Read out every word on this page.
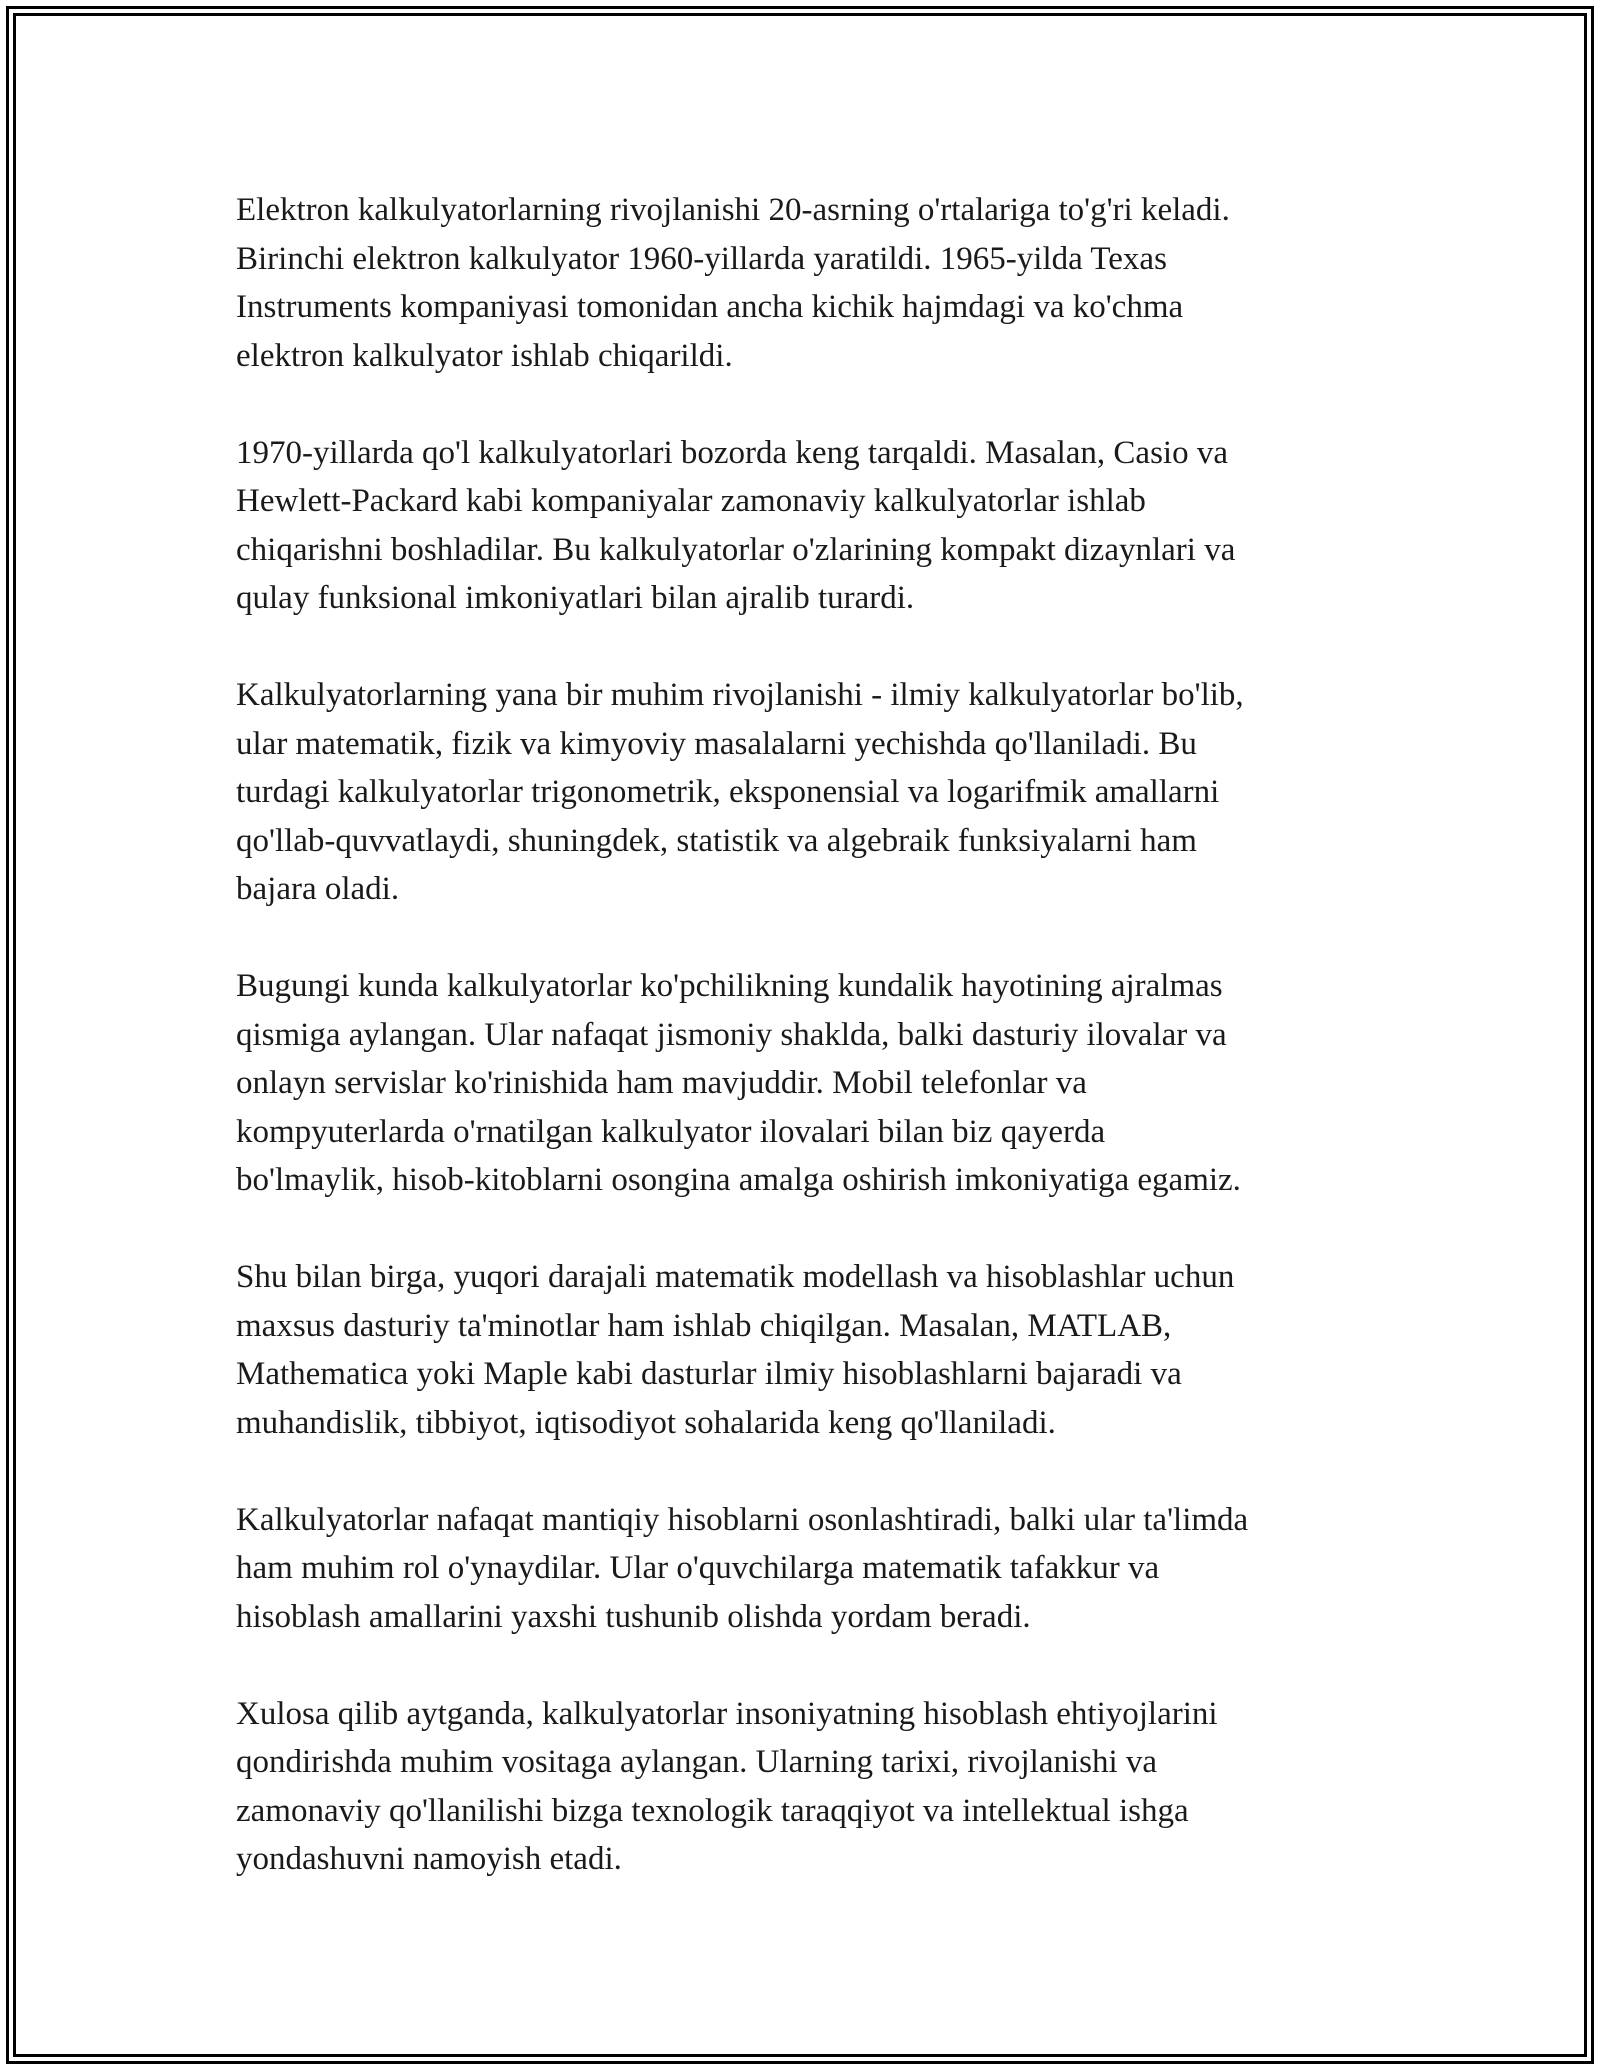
Elektron kalkulyatorlarning rivojlanishi 20-asrning o'rtalariga to'g'ri keladi.
Birinchi elektron kalkulyator 1960-yillarda yaratildi. 1965-yilda Texas
Instruments kompaniyasi tomonidan ancha kichik hajmdagi va ko'chma
elektron kalkulyator ishlab chiqarildi.

1970-yillarda qo'l kalkulyatorlari bozorda keng tarqaldi. Masalan, Casio va
Hewlett-Packard kabi kompaniyalar zamonaviy kalkulyatorlar ishlab
chiqarishni boshladilar. Bu kalkulyatorlar o'zlarining kompakt dizaynlari va
qulay funksional imkoniyatlari bilan ajralib turardi.

Kalkulyatorlarning yana bir muhim rivojlanishi - ilmiy kalkulyatorlar bo'lib,
ular matematik, fizik va kimyoviy masalalarni yechishda qo'llaniladi. Bu
turdagi kalkulyatorlar trigonometrik, eksponensial va logarifmik amallarni
qo'llab-quvvatlaydi, shuningdek, statistik va algebraik funksiyalarni ham
bajara oladi.

Bugungi kunda kalkulyatorlar ko'pchilikning kundalik hayotining ajralmas
qismiga aylangan. Ular nafaqat jismoniy shaklda, balki dasturiy ilovalar va
onlayn servislar ko'rinishida ham mavjuddir. Mobil telefonlar va
kompyuterlarda o'rnatilgan kalkulyator ilovalari bilan biz qayerda
bo'lmaylik, hisob-kitoblarni osongina amalga oshirish imkoniyatiga egamiz.

Shu bilan birga, yuqori darajali matematik modellash va hisoblashlar uchun
maxsus dasturiy ta'minotlar ham ishlab chiqilgan. Masalan, MATLAB,
Mathematica yoki Maple kabi dasturlar ilmiy hisoblashlarni bajaradi va
muhandislik, tibbiyot, iqtisodiyot sohalarida keng qo'llaniladi.

Kalkulyatorlar nafaqat mantiqiy hisoblarni osonlashtiradi, balki ular ta'limda
ham muhim rol o'ynaydilar. Ular o'quvchilarga matematik tafakkur va
hisoblash amallarini yaxshi tushunib olishda yordam beradi.

Xulosa qilib aytganda, kalkulyatorlar insoniyatning hisoblash ehtiyojlarini
qondirishda muhim vositaga aylangan. Ularning tarixi, rivojlanishi va
zamonaviy qo'llanilishi bizga texnologik taraqqiyot va intellektual ishga
yondashuvni namoyish etadi.
